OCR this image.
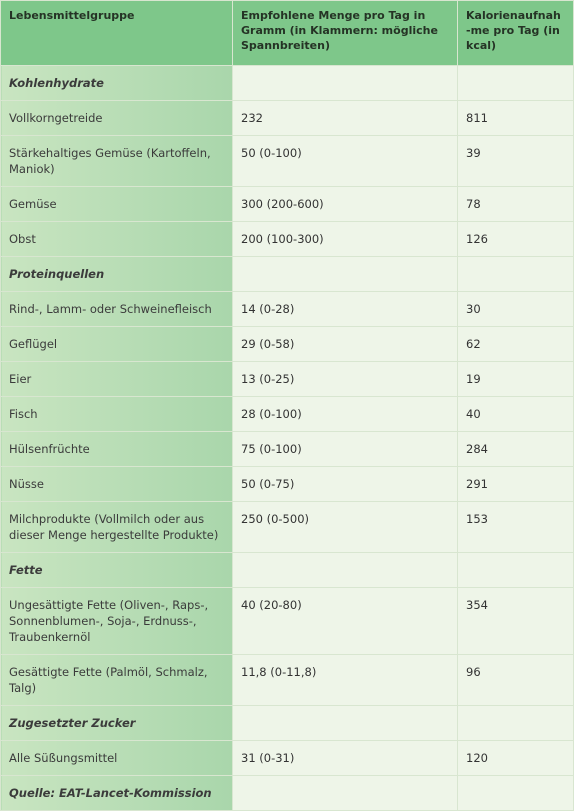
Lebensmittelgruppe	Empfohlene Menge pro Tag in Gramm (in Klammern: mögliche Spannbreiten)	Kalorienaufnah-me pro Tag (in kcal)
Kohlenhydrate		
Vollkorngetreide	232	811
Stärkehaltiges Gemüse (Kartoffeln, Maniok)	50 (0-100)	39
Gemüse	300 (200-600)	78
Obst	200 (100-300)	126
Proteinquellen		
Rind-, Lamm- oder Schweinefleisch	14 (0-28)	30
Geflügel	29 (0-58)	62
Eier	13 (0-25)	19
Fisch	28 (0-100)	40
Hülsenfrüchte	75 (0-100)	284
Nüsse	50 (0-75)	291
Milchprodukte (Vollmilch oder aus dieser Menge hergestellte Produkte)	250 (0-500)	153
Fette		
Ungesättigte Fette (Oliven-, Raps-, Sonnenblumen-, Soja-, Erdnuss-, Traubenkernöl	40 (20-80)	354
Gesättigte Fette (Palmöl, Schmalz, Talg)	11,8 (0-11,8)	96
Zugesetzter Zucker		
Alle Süßungsmittel	31 (0-31)	120
Quelle: EAT-Lancet-Kommission		
